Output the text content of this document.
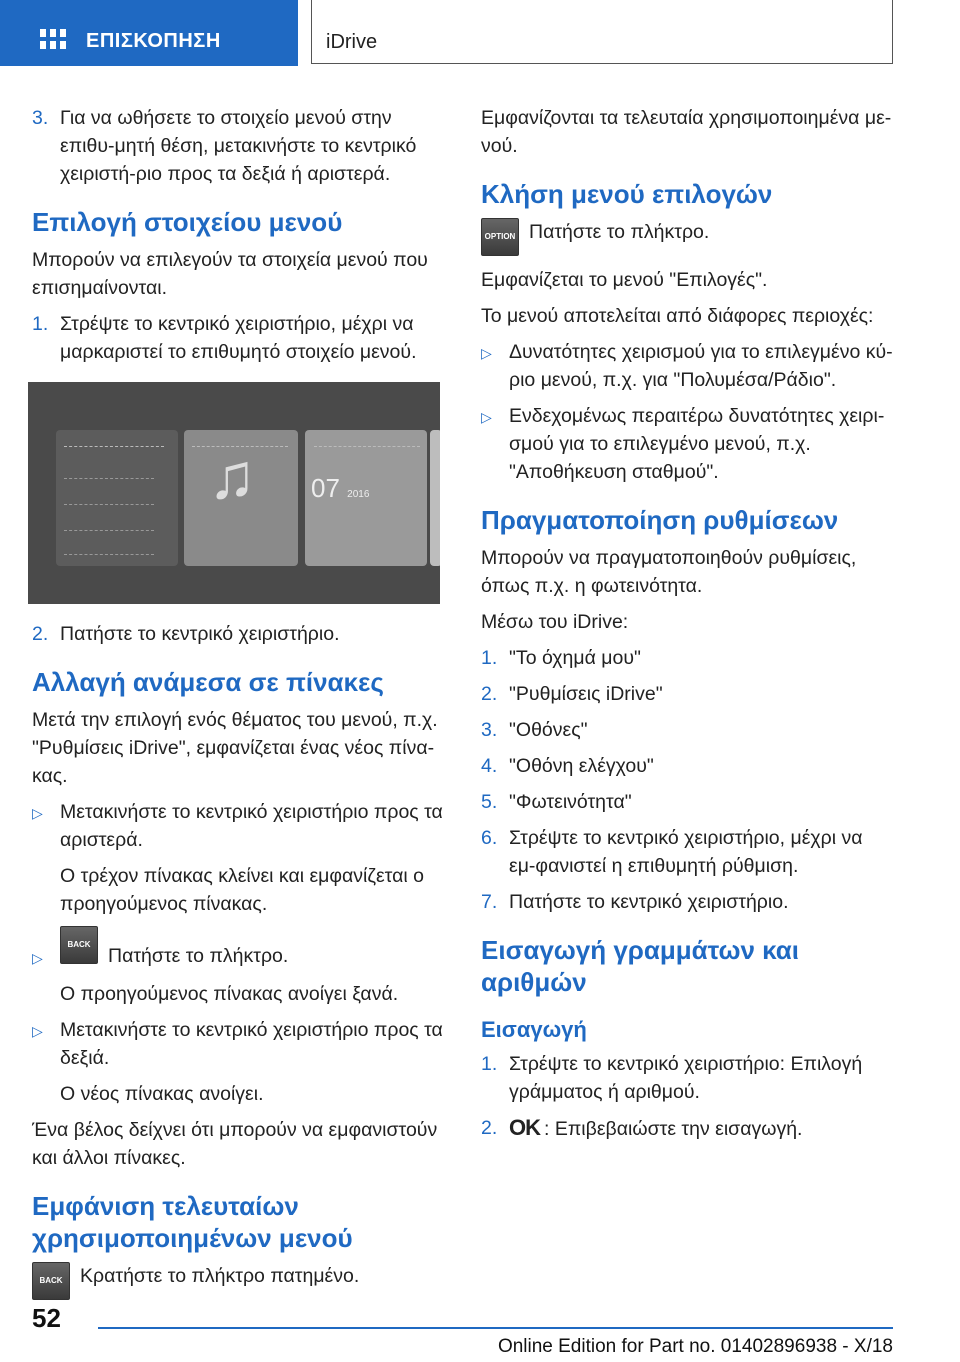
ΕΠΙΣΚΟΠΗΣΗ	iDrive
3. Για να ωθήσετε το στοιχείο μενού στην επιθυ-μητή θέση, μετακινήστε το κεντρικό χειριστή-ριο προς τα δεξιά ή αριστερά.
Επιλογή στοιχείου μενού

Μπορούν να επιλεγούν τα στοιχεία μενού που επισημαίνονται.

1. Στρέψτε το κεντρικό χειριστήριο, μέχρι να μαρκαριστεί το επιθυμητό στοιχείο μενού.
♫ 07 2016
2. Πατήστε το κεντρικό χειριστήριο.
Αλλαγή ανάμεσα σε πίνακες

Μετά την επιλογή ενός θέματος του μενού, π.χ. "Ρυθμίσεις iDrive", εμφανίζεται ένας νέος πίνα-κας.

▷ Μετακινήστε το κεντρικό χειριστήριο προς τα αριστερά.

Ο τρέχον πίνακας κλείνει και εμφανίζεται ο προηγούμενος πίνακας.

▷
BACK
Πατήστε το πλήκτρο.

Ο προηγούμενος πίνακας ανοίγει ξανά.

▷ Μετακινήστε το κεντρικό χειριστήριο προς τα δεξιά.

Ο νέος πίνακας ανοίγει.

Ένα βέλος δείχνει ότι μπορούν να εμφανιστούν και άλλοι πίνακες.

Εμφάνιση τελευταίων χρησιμοποιημένων μενού
BACK Κρατήστε το πλήκτρο πατημένο.

Εμφανίζονται τα τελευταία χρησιμοποιημένα με-νού.

Κλήση μενού επιλογών
OPTION Πατήστε το πλήκτρο.

Εμφανίζεται το μενού "Επιλογές".

Το μενού αποτελείται από διάφορες περιοχές:

▷ Δυνατότητες χειρισμού για το επιλεγμένο κύ-ριο μενού, π.χ. για "Πολυμέσα/Ράδιο".
▷ Ενδεχομένως περαιτέρω δυνατότητες χειρι-σμού για το επιλεγμένο μενού, π.χ. "Αποθήκευση σταθμού".
Πραγματοποίηση ρυθμίσεων

Μπορούν να πραγματοποιηθούν ρυθμίσεις, όπως π.χ. η φωτεινότητα.

Μέσω του iDrive:

1. "Το όχημά μου"
2. "Ρυθμίσεις iDrive"
3. "Οθόνες"
4. "Οθόνη ελέγχου"
5. "Φωτεινότητα"
6. Στρέψτε το κεντρικό χειριστήριο, μέχρι να εμ-φανιστεί η επιθυμητή ρύθμιση.
7. Πατήστε το κεντρικό χειριστήριο.
Εισαγωγή γραμμάτων και αριθμών
Εισαγωγή
1. Στρέψτε το κεντρικό χειριστήριο: Επιλογή γράμματος ή αριθμού.
2. OK : Επιβεβαιώστε την εισαγωγή.
52
Online Edition for Part no. 01402896938 - X/18
